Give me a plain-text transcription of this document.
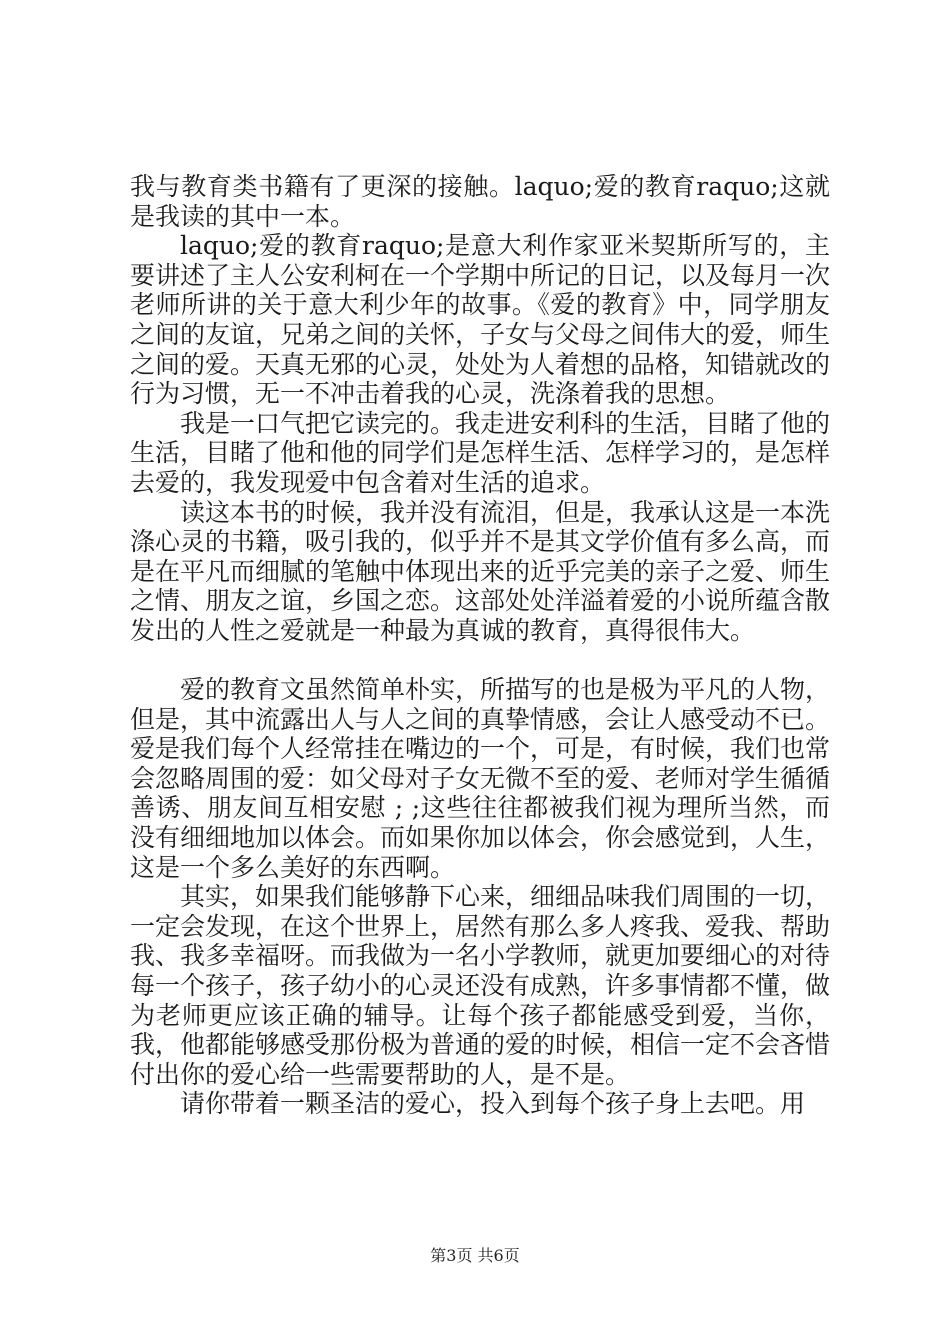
我与教育类书籍有了更深的接触。laquo;爱的教育raquo;这就是我读的其中一本。

laquo;爱的教育raquo;是意大利作家亚米契斯所写的，主要讲述了主人公安利柯在一个学期中所记的日记，以及每月一次老师所讲的关于意大利少年的故事。《爱的教育》中，同学朋友之间的友谊，兄弟之间的关怀，子女与父母之间伟大的爱，师生之间的爱。天真无邪的心灵，处处为人着想的品格，知错就改的行为习惯，无一不冲击着我的心灵，洗涤着我的思想。

我是一口气把它读完的。我走进安利科的生活，目睹了他的生活，目睹了他和他的同学们是怎样生活、怎样学习的，是怎样去爱的，我发现爱中包含着对生活的追求。

读这本书的时候，我并没有流泪，但是，我承认这是一本洗涤心灵的书籍，吸引我的，似乎并不是其文学价值有多么高，而是在平凡而细腻的笔触中体现出来的近乎完美的亲子之爱、师生之情、朋友之谊，乡国之恋。这部处处洋溢着爱的小说所蕴含散发出的人性之爱就是一种最为真诚的教育，真得很伟大。

爱的教育文虽然简单朴实，所描写的也是极为平凡的人物，但是，其中流露出人与人之间的真挚情感，会让人感受动不已。爱是我们每个人经常挂在嘴边的一个，可是，有时候，我们也常会忽略周围的爱：如父母对子女无微不至的爱、老师对学生循循善诱、朋友间互相安慰 ; ;这些往往都被我们视为理所当然，而没有细细地加以体会。而如果你加以体会，你会感觉到，人生，这是一个多么美好的东西啊。

其实，如果我们能够静下心来，细细品味我们周围的一切，一定会发现，在这个世界上，居然有那么多人疼我、爱我、帮助我、我多幸福呀。而我做为一名小学教师，就更加要细心的对待每一个孩子，孩子幼小的心灵还没有成熟，许多事情都不懂，做为老师更应该正确的辅导。让每个孩子都能感受到爱，当你，我，他都能够感受那份极为普通的爱的时候，相信一定不会吝惜付出你的爱心给一些需要帮助的人，是不是。

请你带着一颗圣洁的爱心，投入到每个孩子身上去吧。用

第3页 共6页
